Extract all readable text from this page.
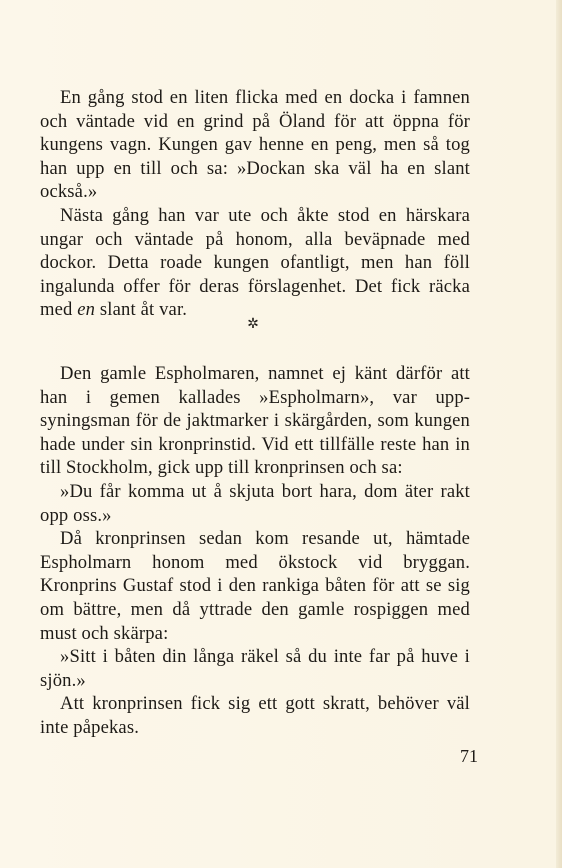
En gång stod en liten flicka med en docka i famnen och väntade vid en grind på Öland för att öppna för kungens vagn. Kungen gav henne en peng, men så tog han upp en till och sa: »Dockan ska väl ha en slant också.»

Nästa gång han var ute och åkte stod en härskara ungar och väntade på honom, alla beväpnade med dockor. Detta roade kungen ofantligt, men han föll ingalunda offer för deras förslagenhet. Det fick räcka med en slant åt var.

✲

Den gamle Espholmaren, namnet ej känt därför att han i gemen kallades »Espholmarn», var uppsyningsman för de jaktmarker i skärgården, som kungen hade under sin kronprinstid. Vid ett tillfälle reste han in till Stockholm, gick upp till kronprinsen och sa:

»Du får komma ut å skjuta bort hara, dom äter rakt opp oss.»

Då kronprinsen sedan kom resande ut, hämtade Espholmarn honom med ökstock vid bryggan. Kronprins Gustaf stod i den rankiga båten för att se sig om bättre, men då yttrade den gamle rospiggen med must och skärpa:

»Sitt i båten din långa räkel så du inte far på huve i sjön.»

Att kronprinsen fick sig ett gott skratt, behöver väl inte påpekas.

71
